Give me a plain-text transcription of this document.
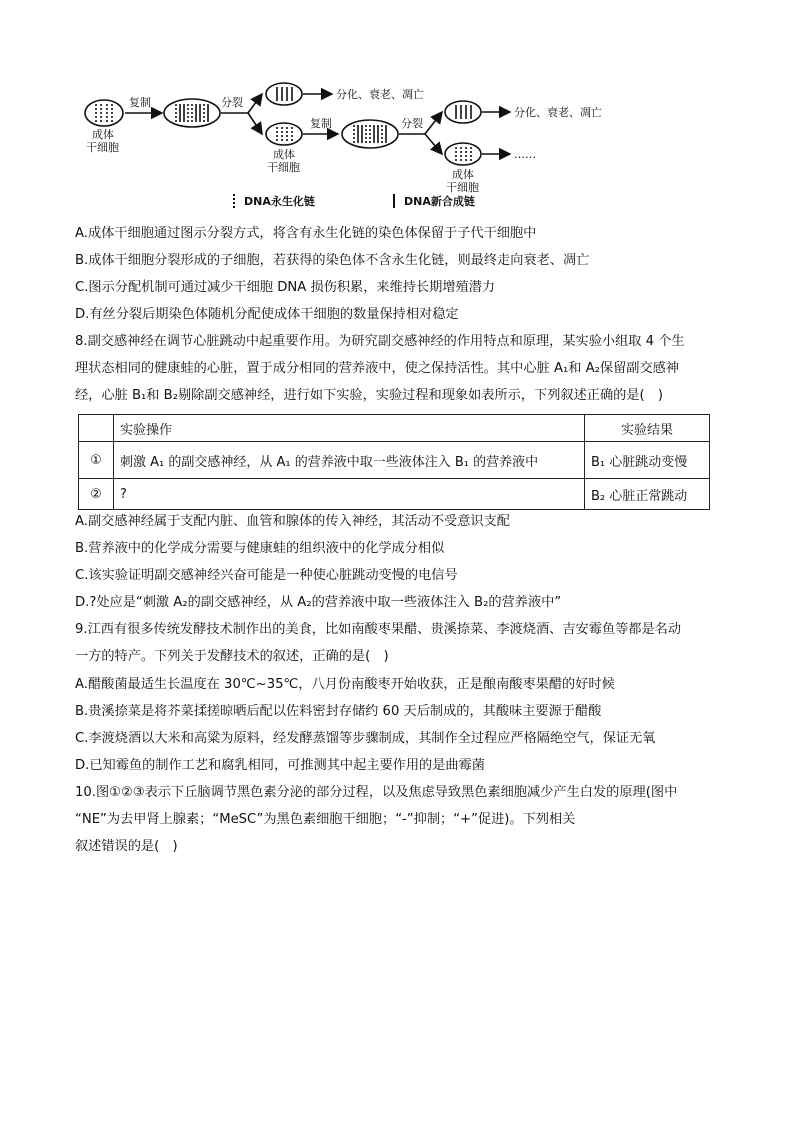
复制	分裂
成体
干细胞
分化、衰老、凋亡
复制	分裂
成体
干细胞
分化、衰老、凋亡
……
成体
干细胞
DNA永生化链	DNA新合成链
A.成体干细胞通过图示分裂方式，将含有永生化链的染色体保留于子代干细胞中
B.成体干细胞分裂形成的子细胞，若获得的染色体不含永生化链，则最终走向衰老、凋亡
C.图示分配机制可通过减少干细胞 DNA 损伤积累，来维持长期增殖潜力
D.有丝分裂后期染色体随机分配使成体干细胞的数量保持相对稳定
8.副交感神经在调节心脏跳动中起重要作用。为研究副交感神经的作用特点和原理，某实验小组取 4 个生
理状态相同的健康蛙的心脏，置于成分相同的营养液中，使之保持活性。其中心脏 A₁和 A₂保留副交感神
经，心脏 B₁和 B₂剔除副交感神经，进行如下实验，实验过程和现象如表所示，下列叙述正确的是(　)
	实验操作	实验结果
①	刺激 A₁ 的副交感神经，从 A₁ 的营养液中取一些液体注入 B₁ 的营养液中	B₁ 心脏跳动变慢
②	?	B₂ 心脏正常跳动
A.副交感神经属于支配内脏、血管和腺体的传入神经，其活动不受意识支配
B.营养液中的化学成分需要与健康蛙的组织液中的化学成分相似
C.该实验证明副交感神经兴奋可能是一种使心脏跳动变慢的电信号
D.?处应是“刺激 A₂的副交感神经，从 A₂的营养液中取一些液体注入 B₂的营养液中”
9.江西有很多传统发酵技术制作出的美食，比如南酸枣果醋、贵溪捺菜、李渡烧酒、吉安霉鱼等都是名动
一方的特产。下列关于发酵技术的叙述，正确的是(　)
A.醋酸菌最适生长温度在 30℃~35℃，八月份南酸枣开始收获，正是酿南酸枣果醋的好时候
B.贵溪捺菜是将芥菜揉搓晾晒后配以佐料密封存储约 60 天后制成的，其酸味主要源于醋酸
C.李渡烧酒以大米和高粱为原料，经发酵蒸馏等步骤制成，其制作全过程应严格隔绝空气，保证无氧
D.已知霉鱼的制作工艺和腐乳相同，可推测其中起主要作用的是曲霉菌
10.图①②③表示下丘脑调节黑色素分泌的部分过程，以及焦虑导致黑色素细胞减少产生白发的原理(图中
“NE”为去甲肾上腺素；“MeSC”为黑色素细胞干细胞；“-”抑制；“+”促进)。下列相关
叙述错误的是(　)
